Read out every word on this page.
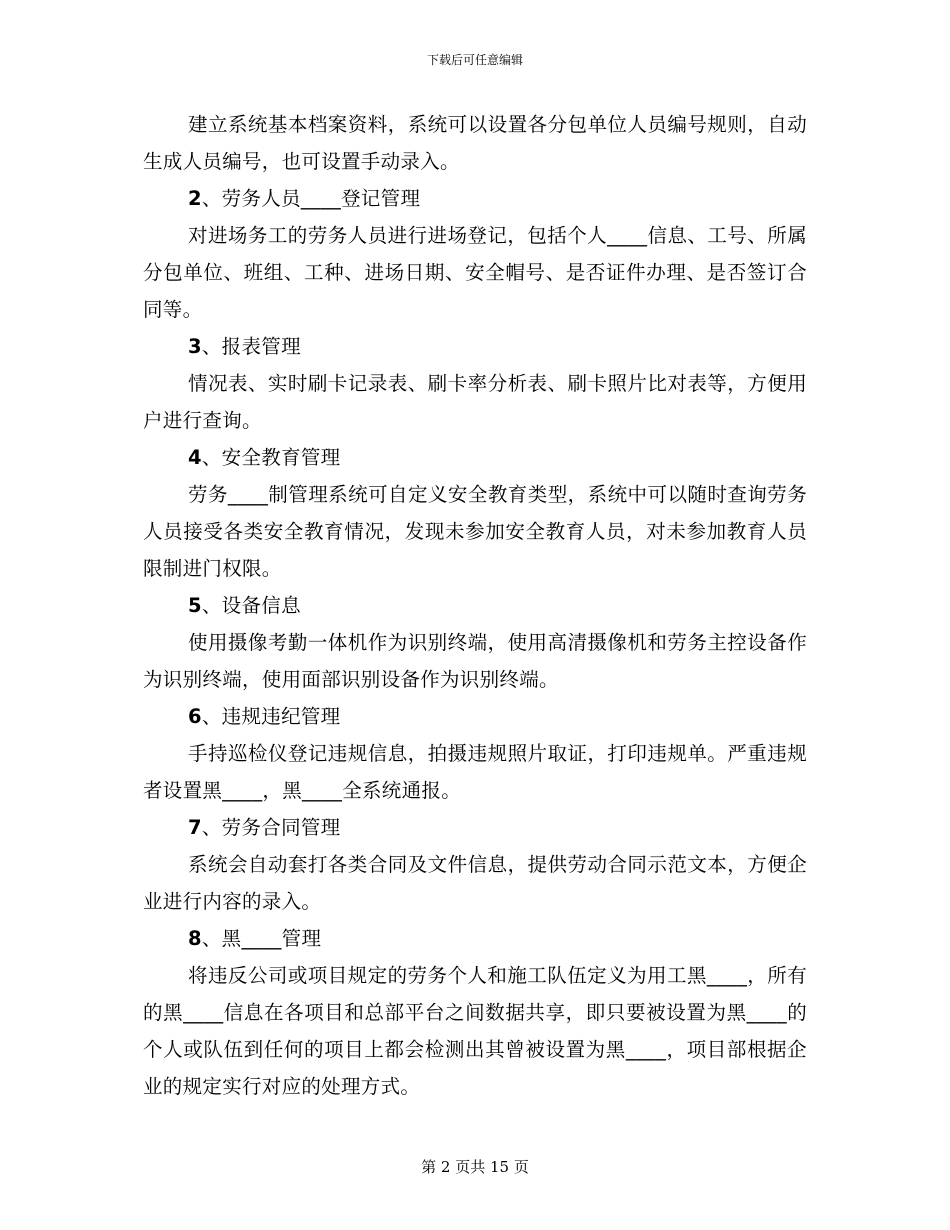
下载后可任意编辑

建立系统基本档案资料，系统可以设置各分包单位人员编号规则，自动生成人员编号，也可设置手动录入。

2、劳务人员____登记管理

对进场务工的劳务人员进行进场登记，包括个人____信息、工号、所属分包单位、班组、工种、进场日期、安全帽号、是否证件办理、是否签订合同等。

3、报表管理

情况表、实时刷卡记录表、刷卡率分析表、刷卡照片比对表等，方便用户进行查询。

4、安全教育管理

劳务____制管理系统可自定义安全教育类型，系统中可以随时查询劳务人员接受各类安全教育情况，发现未参加安全教育人员，对未参加教育人员限制进门权限。

5、设备信息

使用摄像考勤一体机作为识别终端，使用高清摄像机和劳务主控设备作为识别终端，使用面部识别设备作为识别终端。

6、违规违纪管理

手持巡检仪登记违规信息，拍摄违规照片取证，打印违规单。严重违规者设置黑____，黑____全系统通报。

7、劳务合同管理

系统会自动套打各类合同及文件信息，提供劳动合同示范文本，方便企业进行内容的录入。

8、黑____管理

将违反公司或项目规定的劳务个人和施工队伍定义为用工黑____，所有的黑____信息在各项目和总部平台之间数据共享，即只要被设置为黑____的个人或队伍到任何的项目上都会检测出其曾被设置为黑____，项目部根据企业的规定实行对应的处理方式。

第 2 页共 15 页
